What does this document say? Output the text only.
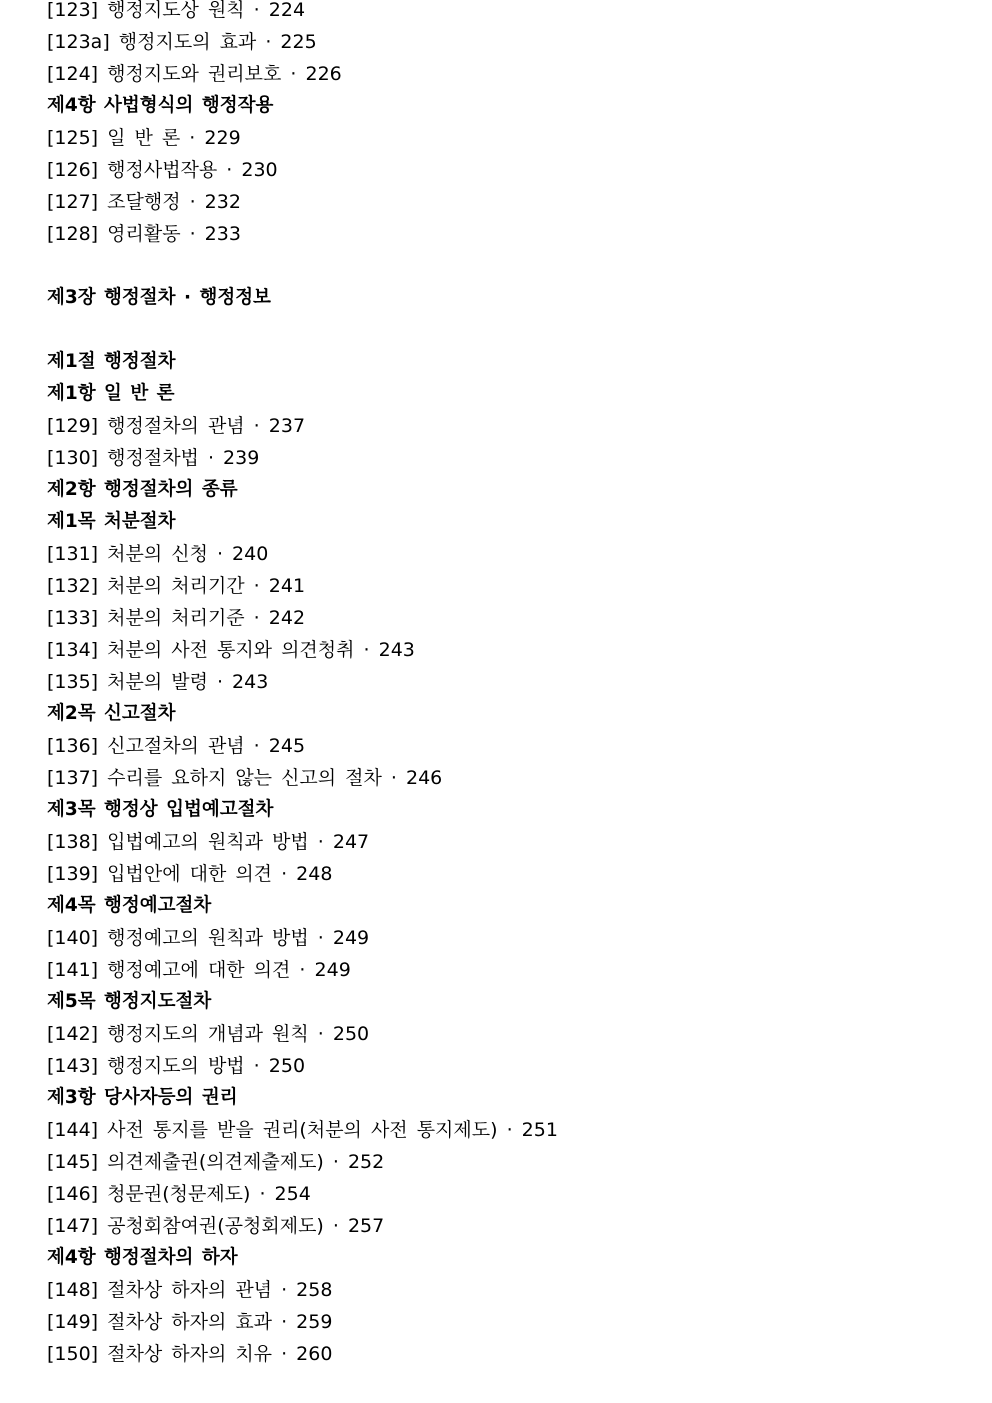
[123] 행정지도상 원칙 · 224
[123a] 행정지도의 효과 · 225
[124] 행정지도와 권리보호 · 226
제4항 사법형식의 행정작용
[125] 일 반 론 · 229
[126] 행정사법작용 · 230
[127] 조달행정 · 232
[128] 영리활동 · 233
제3장 행정절차 · 행정정보
제1절 행정절차
제1항 일 반 론
[129] 행정절차의 관념 · 237
[130] 행정절차법 · 239
제2항 행정절차의 종류
제1목 처분절차
[131] 처분의 신청 · 240
[132] 처분의 처리기간 · 241
[133] 처분의 처리기준 · 242
[134] 처분의 사전 통지와 의견청취 · 243
[135] 처분의 발령 · 243
제2목 신고절차
[136] 신고절차의 관념 · 245
[137] 수리를 요하지 않는 신고의 절차 · 246
제3목 행정상 입법예고절차
[138] 입법예고의 원칙과 방법 · 247
[139] 입법안에 대한 의견 · 248
제4목 행정예고절차
[140] 행정예고의 원칙과 방법 · 249
[141] 행정예고에 대한 의견 · 249
제5목 행정지도절차
[142] 행정지도의 개념과 원칙 · 250
[143] 행정지도의 방법 · 250
제3항 당사자등의 권리
[144] 사전 통지를 받을 권리(처분의 사전 통지제도) · 251
[145] 의견제출권(의견제출제도) · 252
[146] 청문권(청문제도) · 254
[147] 공청회참여권(공청회제도) · 257
제4항 행정절차의 하자
[148] 절차상 하자의 관념 · 258
[149] 절차상 하자의 효과 · 259
[150] 절차상 하자의 치유 · 260
